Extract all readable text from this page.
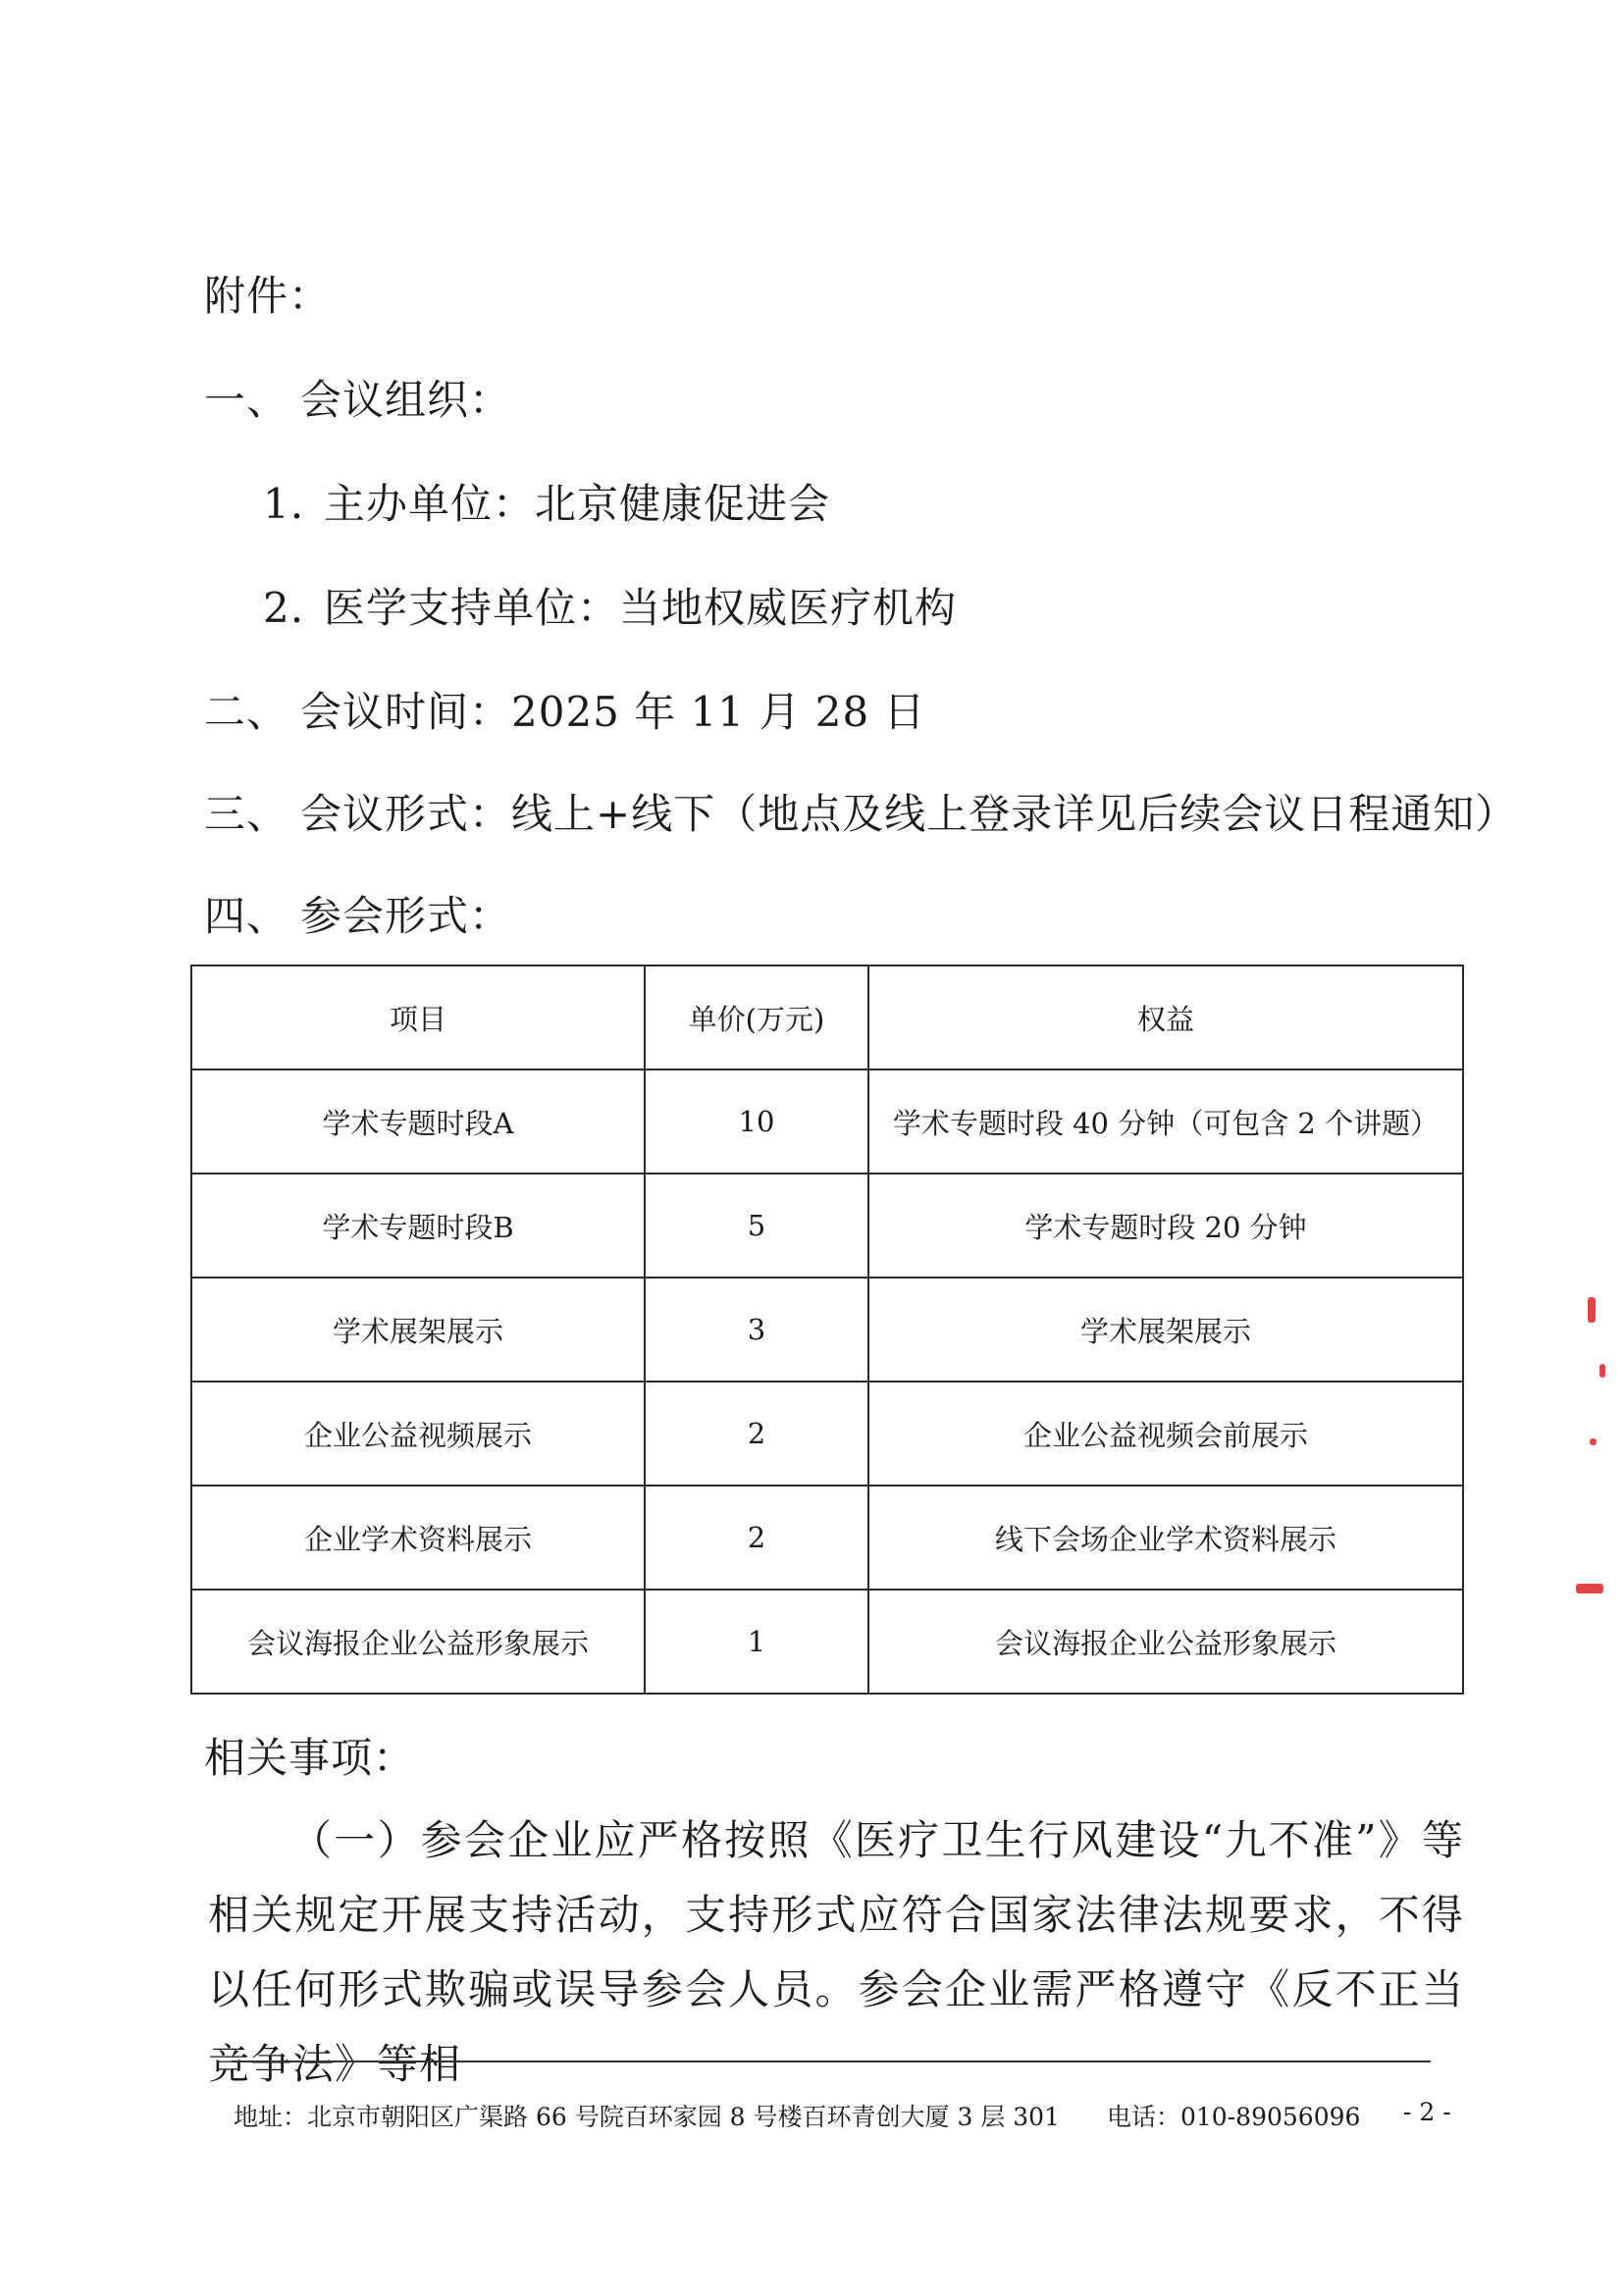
附件：
一、 会议组织：
1. 主办单位：北京健康促进会
2. 医学支持单位：当地权威医疗机构
二、 会议时间：2025 年 11 月 28 日
三、 会议形式：线上+线下（地点及线上登录详见后续会议日程通知）
四、 参会形式：
项目	单价(万元)	权益
学术专题时段A	10	学术专题时段 40 分钟（可包含 2 个讲题）
学术专题时段B	5	学术专题时段 20 分钟
学术展架展示	3	学术展架展示
企业公益视频展示	2	企业公益视频会前展示
企业学术资料展示	2	线下会场企业学术资料展示
会议海报企业公益形象展示	1	会议海报企业公益形象展示
相关事项：

（一）参会企业应严格按照《医疗卫生行风建设“九不准”》等相关规定开展支持活动，支持形式应符合国家法律法规要求，不得以任何形式欺骗或误导参会人员。参会企业需严格遵守《反不正当竞争法》等相

地址：北京市朝阳区广渠路 66 号院百环家园 8 号楼百环青创大厦 3 层 301 电话：010-89056096 - 2 -
